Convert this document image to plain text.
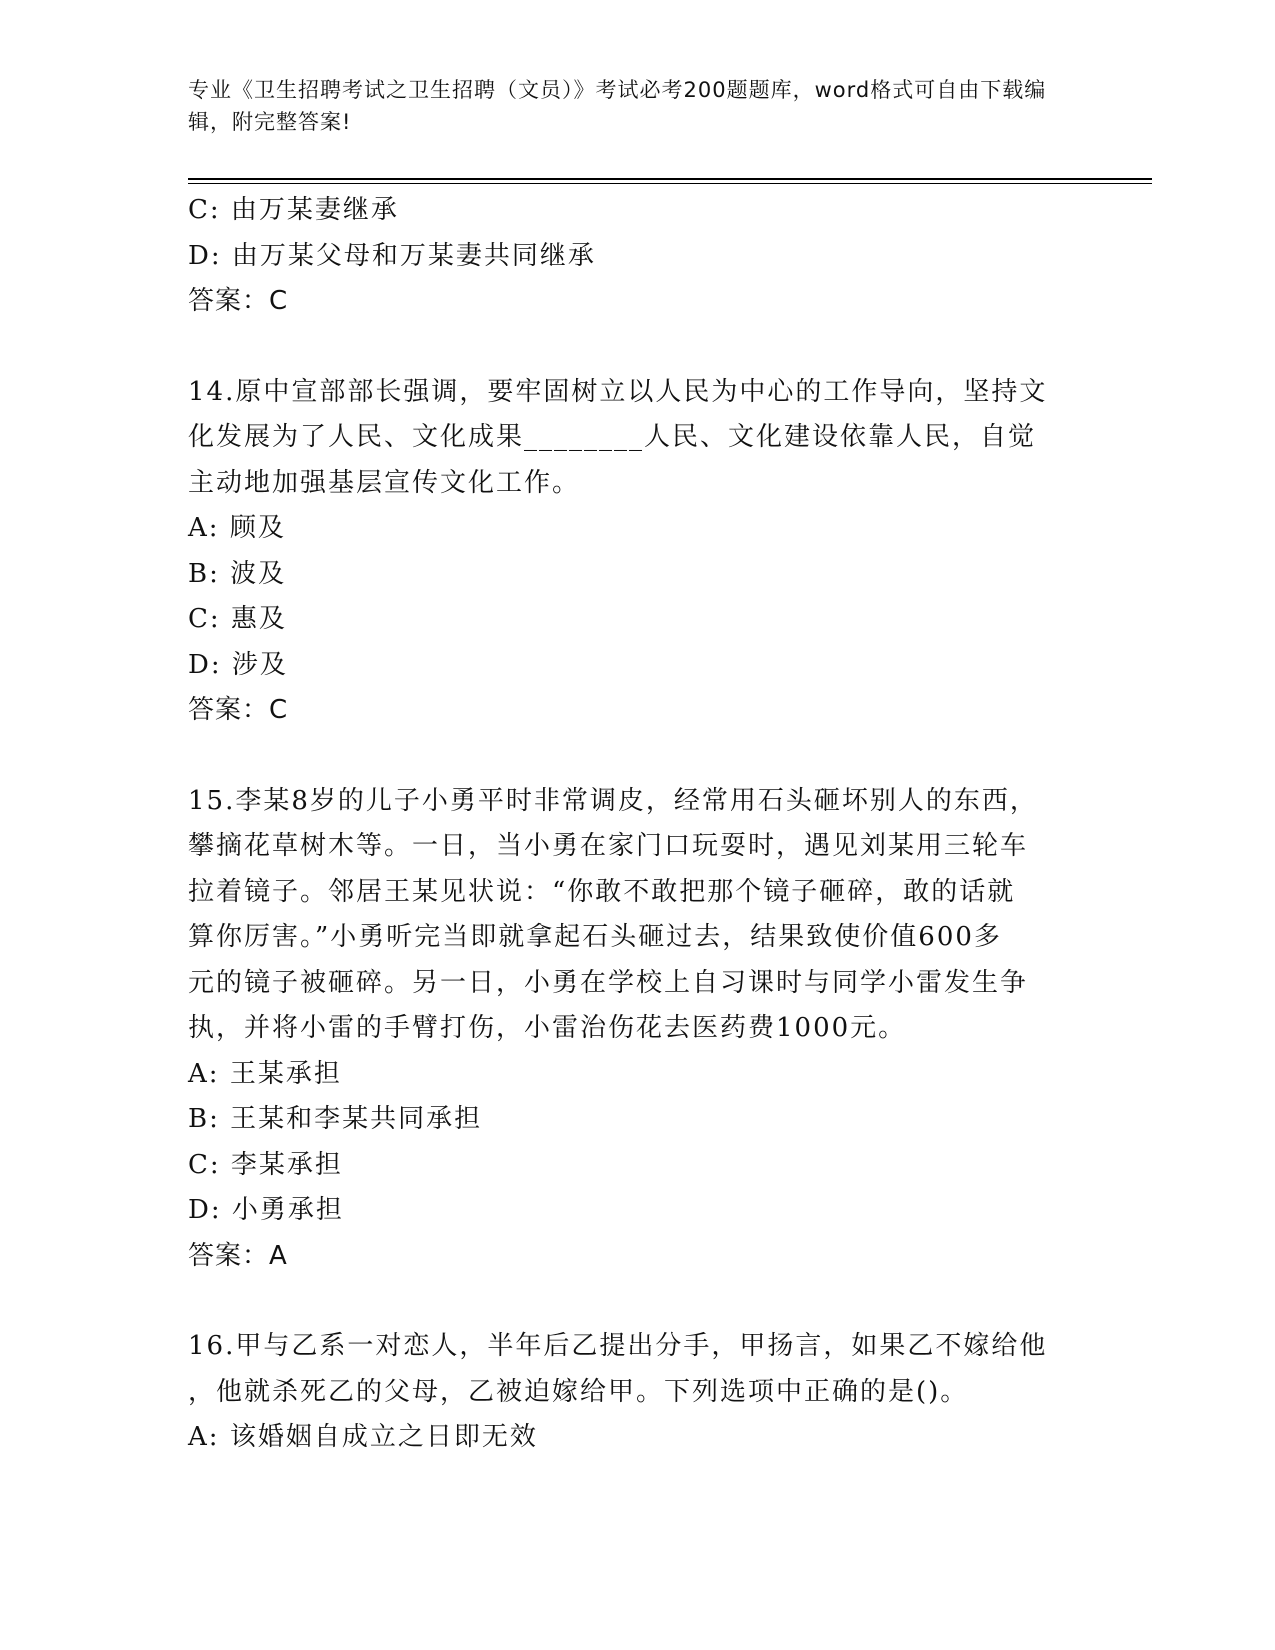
专业《卫生招聘考试之卫生招聘（文员）》考试必考200题题库，word格式可自由下载编辑，附完整答案!
C: 由万某妻继承
D: 由万某父母和万某妻共同继承
答案：C
14.原中宣部部长强调，要牢固树立以人民为中心的工作导向，坚持文
化发展为了人民、文化成果________人民、文化建设依靠人民，自觉
主动地加强基层宣传文化工作。
A: 顾及
B: 波及
C: 惠及
D: 涉及
答案：C
15.李某8岁的儿子小勇平时非常调皮，经常用石头砸坏别人的东西，
攀摘花草树木等。一日，当小勇在家门口玩耍时，遇见刘某用三轮车
拉着镜子。邻居王某见状说：“你敢不敢把那个镜子砸碎，敢的话就
算你厉害。”小勇听完当即就拿起石头砸过去，结果致使价值600多
元的镜子被砸碎。另一日，小勇在学校上自习课时与同学小雷发生争
执，并将小雷的手臂打伤，小雷治伤花去医药费1000元。
A: 王某承担
B: 王某和李某共同承担
C: 李某承担
D: 小勇承担
答案：A
16.甲与乙系一对恋人，半年后乙提出分手，甲扬言，如果乙不嫁给他
，他就杀死乙的父母，乙被迫嫁给甲。下列选项中正确的是()。
A: 该婚姻自成立之日即无效
